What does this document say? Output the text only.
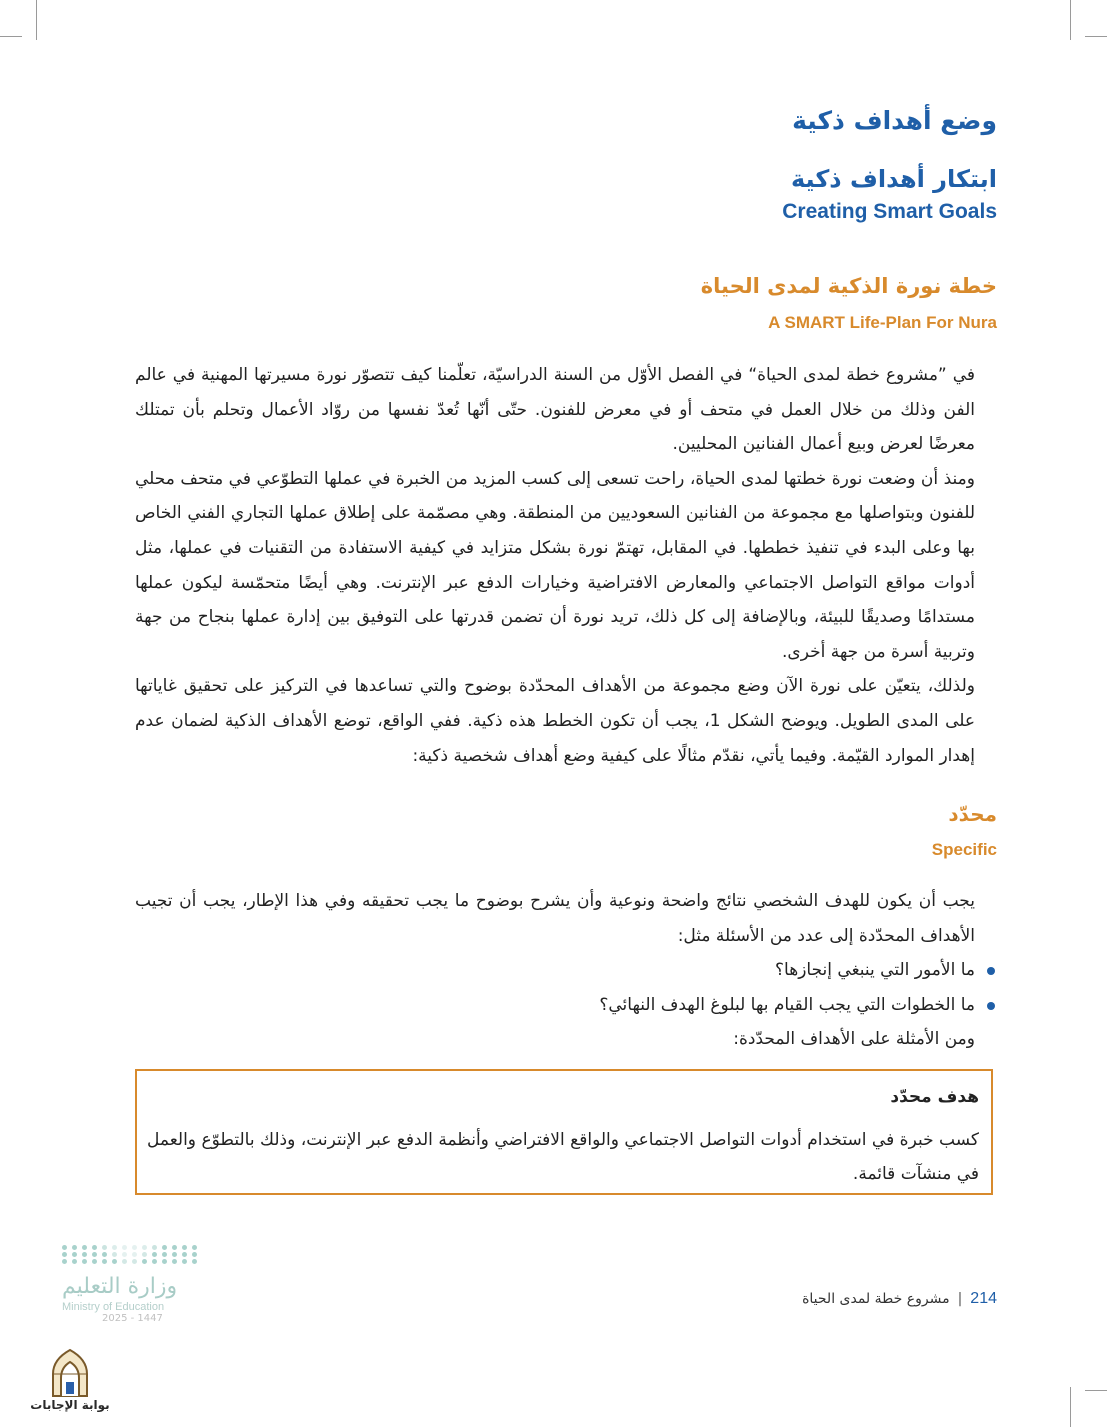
وضع أهداف ذكية
ابتكار أهداف ذكية
Creating Smart Goals
خطة نورة الذكية لمدى الحياة
A SMART Life-Plan For Nura

في ”مشروع خطة لمدى الحياة“ في الفصل الأوّل من السنة الدراسيّة، تعلّمنا كيف تتصوّر نورة مسيرتها المهنية في عالم الفن وذلك من خلال العمل في متحف أو في معرض للفنون. حتّى أنّها تُعدّ نفسها من روّاد الأعمال وتحلم بأن تمتلك معرضًا لعرض وبيع أعمال الفنانين المحليين.

ومنذ أن وضعت نورة خطتها لمدى الحياة، راحت تسعى إلى كسب المزيد من الخبرة في عملها التطوّعي في متحف محلي للفنون وبتواصلها مع مجموعة من الفنانين السعوديين من المنطقة. وهي مصمّمة على إطلاق عملها التجاري الفني الخاص بها وعلى البدء في تنفيذ خططها. في المقابل، تهتمّ نورة بشكل متزايد في كيفية الاستفادة من التقنيات في عملها، مثل أدوات مواقع التواصل الاجتماعي والمعارض الافتراضية وخيارات الدفع عبر الإنترنت. وهي أيضًا متحمّسة ليكون عملها مستدامًا وصديقًا للبيئة، وبالإضافة إلى كل ذلك، تريد نورة أن تضمن قدرتها على التوفيق بين إدارة عملها بنجاح من جهة وتربية أسرة من جهة أخرى.

ولذلك، يتعيّن على نورة الآن وضع مجموعة من الأهداف المحدّدة بوضوح والتي تساعدها في التركيز على تحقيق غاياتها على المدى الطويل. ويوضح الشكل 1، يجب أن تكون الخطط هذه ذكية. ففي الواقع، توضع الأهداف الذكية لضمان عدم إهدار الموارد القيّمة. وفيما يأتي، نقدّم مثالًا على كيفية وضع أهداف شخصية ذكية:

محدّد
Specific

يجب أن يكون للهدف الشخصي نتائج واضحة ونوعية وأن يشرح بوضوح ما يجب تحقيقه وفي هذا الإطار، يجب أن تجيب الأهداف المحدّدة إلى عدد من الأسئلة مثل:

ما الأمور التي ينبغي إنجازها؟
ما الخطوات التي يجب القيام بها لبلوغ الهدف النهائي؟

ومن الأمثلة على الأهداف المحدّدة:

هدف محدّد
كسب خبرة في استخدام أدوات التواصل الاجتماعي والواقع الافتراضي وأنظمة الدفع عبر الإنترنت، وذلك بالتطوّع والعمل في منشآت قائمة.
214
|
مشروع خطة لمدى الحياة
وزارة التعليم
Ministry of Education
2025 - 1447
بوابة الإجابات
